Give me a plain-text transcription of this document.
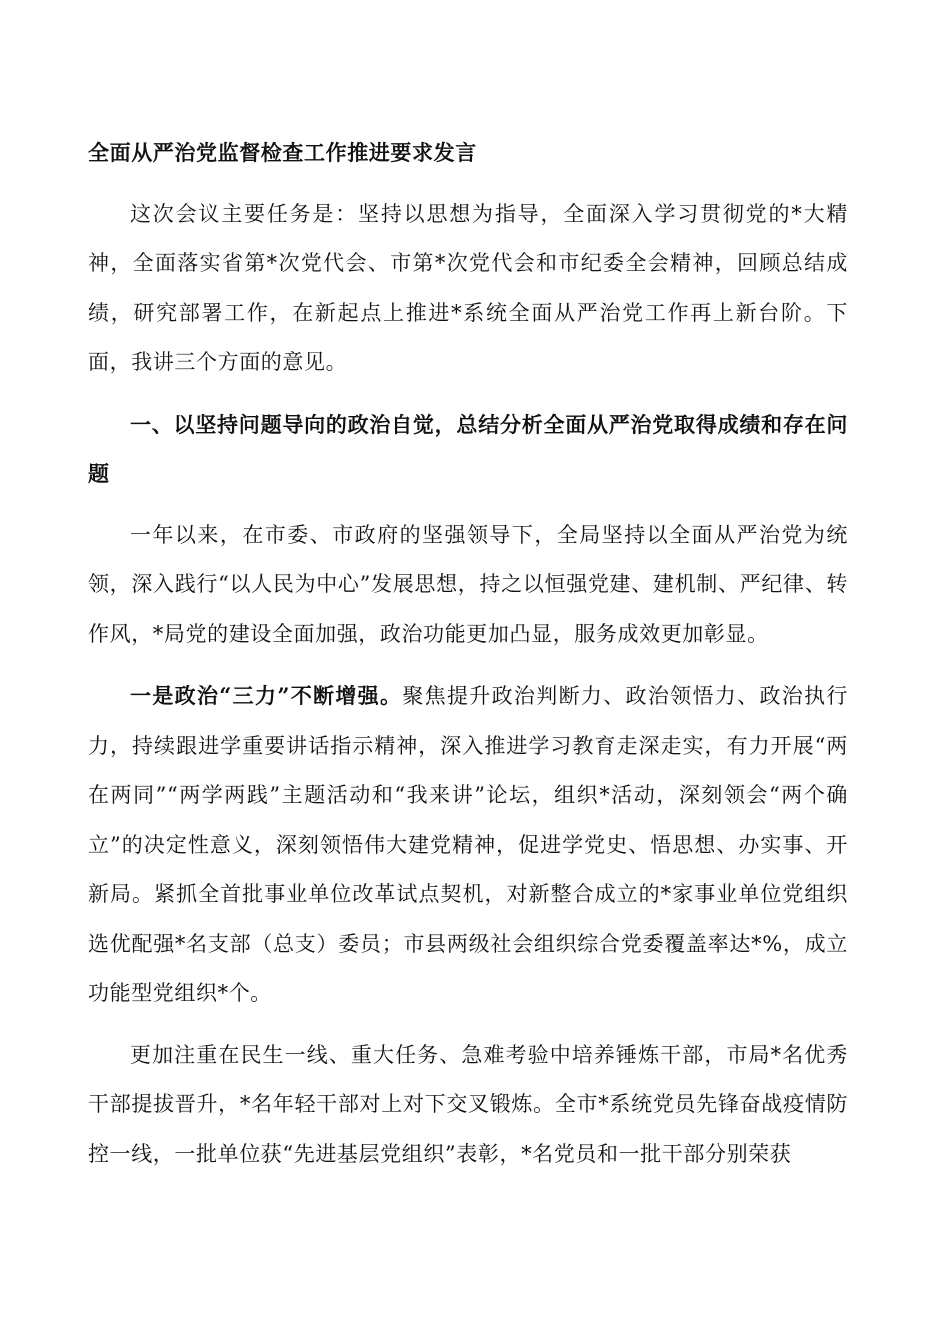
全面从严治党监督检查工作推进要求发言

这次会议主要任务是：坚持以思想为指导，全面深入学习贯彻党的*大精神，全面落实省第*次党代会、市第*次党代会和市纪委全会精神，回顾总结成绩，研究部署工作，在新起点上推进*系统全面从严治党工作再上新台阶。下面，我讲三个方面的意见。

一、以坚持问题导向的政治自觉，总结分析全面从严治党取得成绩和存在问题

一年以来，在市委、市政府的坚强领导下，全局坚持以全面从严治党为统领，深入践行“以人民为中心”发展思想，持之以恒强党建、建机制、严纪律、转作风，*局党的建设全面加强，政治功能更加凸显，服务成效更加彰显。

一是政治“三力”不断增强。聚焦提升政治判断力、政治领悟力、政治执行力，持续跟进学重要讲话指示精神，深入推进学习教育走深走实，有力开展“两在两同”“两学两践”主题活动和“我来讲”论坛，组织*活动，深刻领会“两个确立”的决定性意义，深刻领悟伟大建党精神，促进学党史、悟思想、办实事、开新局。紧抓全首批事业单位改革试点契机，对新整合成立的*家事业单位党组织选优配强*名支部（总支）委员；市县两级社会组织综合党委覆盖率达*%，成立功能型党组织*个。

更加注重在民生一线、重大任务、急难考验中培养锤炼干部，市局*名优秀干部提拔晋升，*名年轻干部对上对下交叉锻炼。全市*系统党员先锋奋战疫情防控一线，一批单位获“先进基层党组织”表彰，*名党员和一批干部分别荣获
